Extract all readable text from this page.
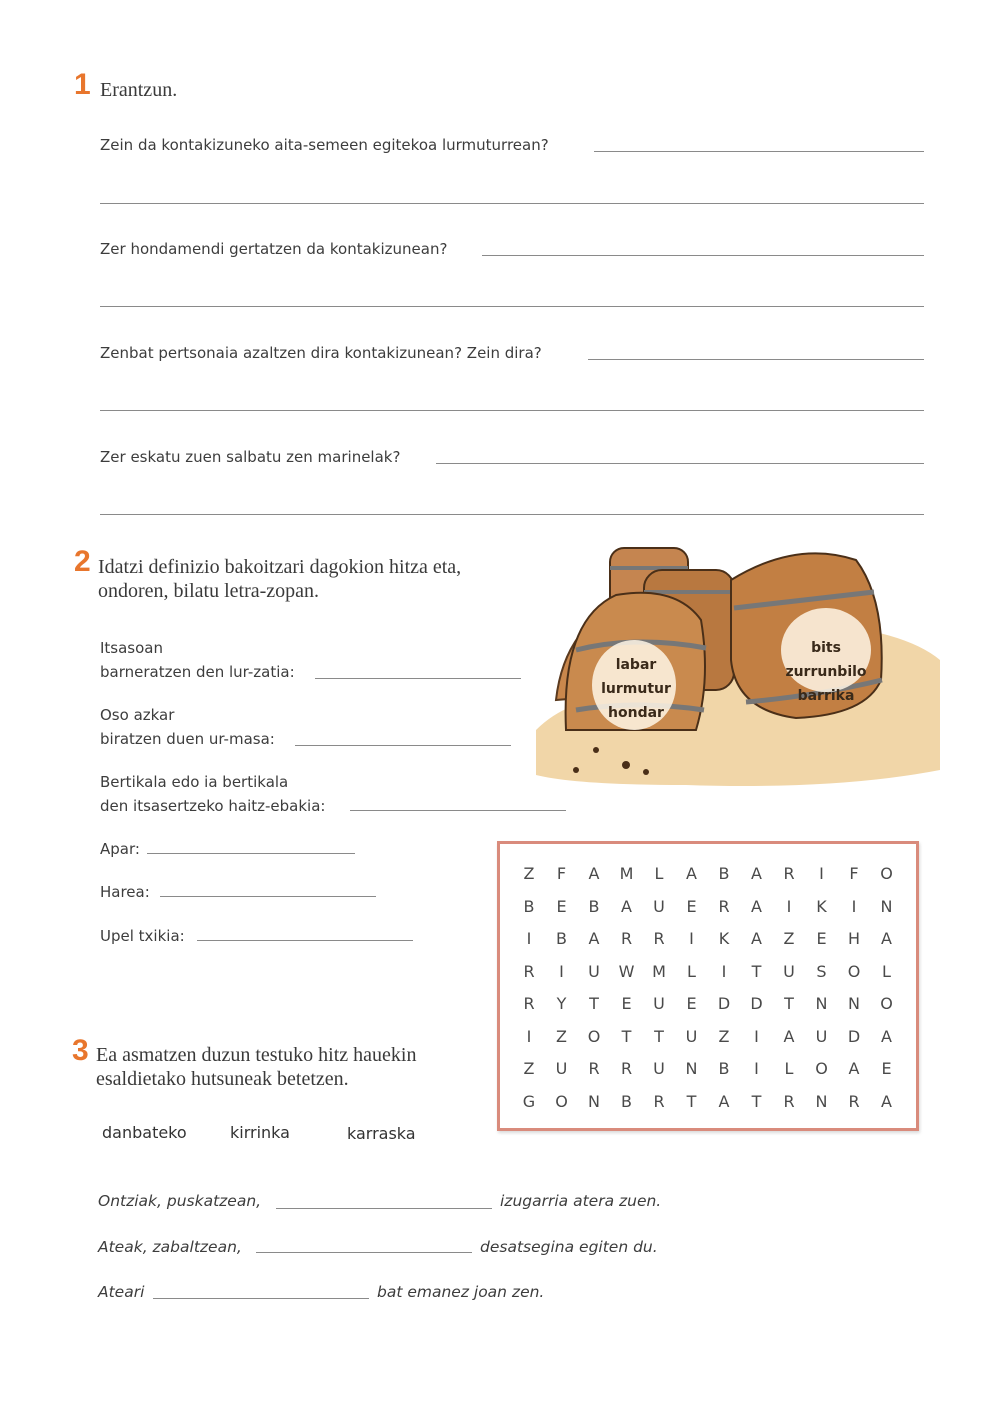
1 Erantzun.
Zein da kontakizuneko aita-semeen egitekoa lurmuturrean?
Zer hondamendi gertatzen da kontakizunean?
Zenbat pertsonaia azaltzen dira kontakizunean? Zein dira?
Zer eskatu zuen salbatu zen marinelak?
2 Idatzi definizio bakoitzari dagokion hitza eta,
ondoren, bilatu letra-zopan.
Itsasoan
barneratzen den lur-zatia:
Oso azkar
biratzen duen ur-masa:
Bertikala edo ia bertikala
den itsasertzeko haitz-ebakia:
Apar:
Harea:
Upel txikia:
labar
lurmutur
hondar
bits
zurrunbilo
barrika
Z	F	A	M	L	A	B	A	R	I	F	O
B	E	B	A	U	E	R	A	I	K	I	N
I	B	A	R	R	I	K	A	Z	E	H	A
R	I	U	W	M	L	I	T	U	S	O	L
R	Y	T	E	U	E	D	D	T	N	N	O
I	Z	O	T	T	U	Z	I	A	U	D	A
Z	U	R	R	U	N	B	I	L	O	A	E
G	O	N	B	R	T	A	T	R	N	R	A
3 Ea asmatzen duzun testuko hitz hauekin
esaldietako hutsuneak betetzen.
danbateko	kirrinka	karraska
Ontziak, puskatzean,	izugarria atera zuen.
Ateak, zabaltzean,	desatsegina egiten du.
Ateari	bat emanez joan zen.
